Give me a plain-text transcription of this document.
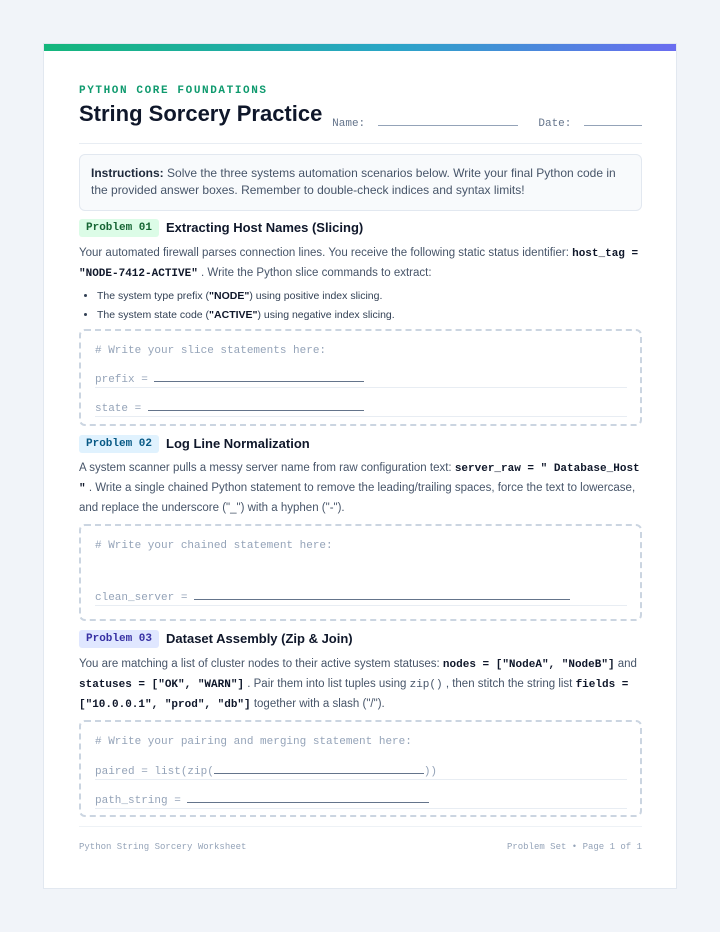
PYTHON CORE FOUNDATIONS
String Sorcery Practice Name:	Date:
Instructions: Solve the three systems automation scenarios below. Write your final Python code in the provided answer boxes. Remember to double-check indices and syntax limits!
Problem 01 Extracting Host Names (Slicing)
Your automated firewall parses connection lines. You receive the following static status identifier: host_tag = "NODE-7412-ACTIVE" . Write the Python slice commands to extract:
• The system type prefix ("NODE") using positive index slicing.
• The system state code ("ACTIVE") using negative index slicing.
# Write your slice statements here:
prefix =
state =
Problem 02 Log Line Normalization
A system scanner pulls a messy server name from raw configuration text: server_raw = " Database_Host " . Write a single chained Python statement to remove the leading/trailing spaces, force the text to lowercase, and replace the underscore ("_") with a hyphen ("-").
# Write your chained statement here:
clean_server =
Problem 03 Dataset Assembly (Zip & Join)
You are matching a list of cluster nodes to their active system statuses: nodes = ["NodeA", "NodeB"] and statuses = ["OK", "WARN"] . Pair them into list tuples using zip() , then stitch the string list fields = ["10.0.0.1", "prod", "db"] together with a slash ("/").
# Write your pairing and merging statement here:
paired = list(zip(	))
path_string =
Python String Sorcery Worksheet	Problem Set • Page 1 of 1
